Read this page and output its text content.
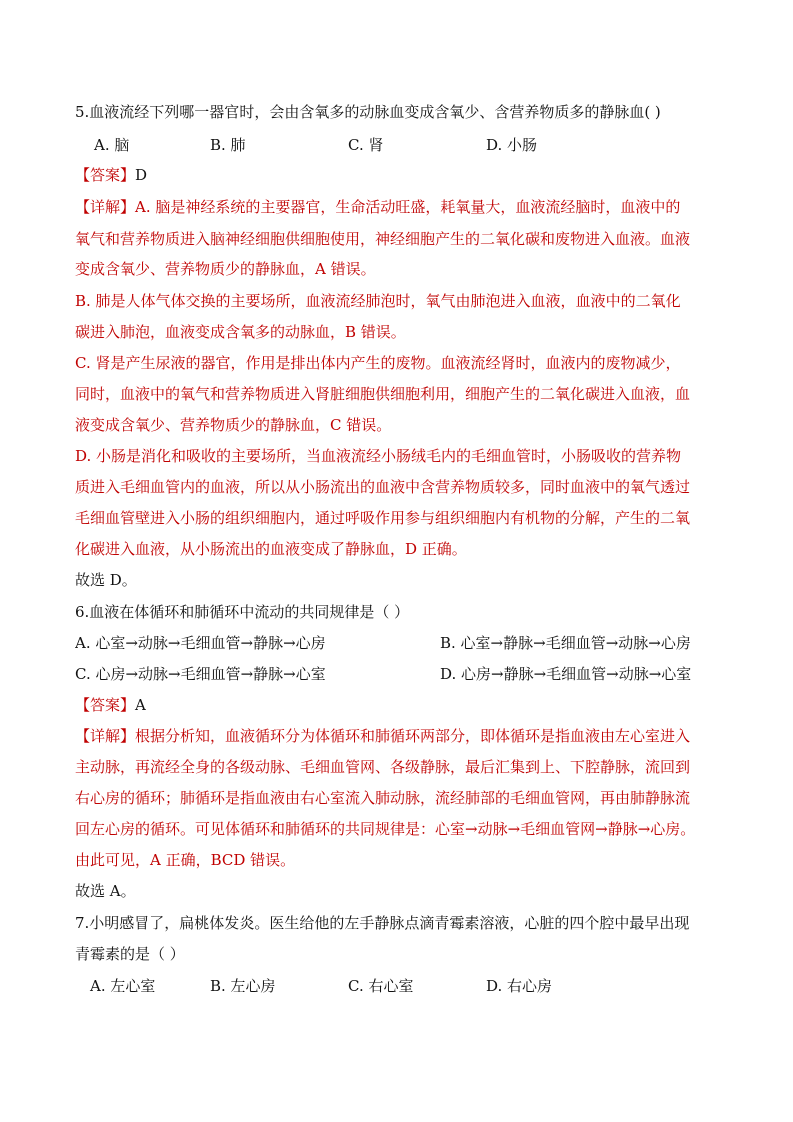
5.血液流经下列哪一器官时，会由含氧多的动脉血变成含氧少、含营养物质多的静脉血( )
A. 脑	B. 肺	C. 肾	D. 小肠
【答案】D
【详解】A. 脑是神经系统的主要器官，生命活动旺盛，耗氧量大，血液流经脑时，血液中的
氧气和营养物质进入脑神经细胞供细胞使用，神经细胞产生的二氧化碳和废物进入血液。血液
变成含氧少、营养物质少的静脉血，A 错误。
B. 肺是人体气体交换的主要场所，血液流经肺泡时，氧气由肺泡进入血液，血液中的二氧化
碳进入肺泡，血液变成含氧多的动脉血，B 错误。
C. 肾是产生尿液的器官，作用是排出体内产生的废物。血液流经肾时，血液内的废物减少，
同时，血液中的氧气和营养物质进入肾脏细胞供细胞利用，细胞产生的二氧化碳进入血液，血
液变成含氧少、营养物质少的静脉血，C 错误。
D. 小肠是消化和吸收的主要场所，当血液流经小肠绒毛内的毛细血管时，小肠吸收的营养物
质进入毛细血管内的血液，所以从小肠流出的血液中含营养物质较多，同时血液中的氧气透过
毛细血管壁进入小肠的组织细胞内，通过呼吸作用参与组织细胞内有机物的分解，产生的二氧
化碳进入血液，从小肠流出的血液变成了静脉血，D 正确。
故选 D。
6.血液在体循环和肺循环中流动的共同规律是（ ）
A. 心室→动脉→毛细血管→静脉→心房	B. 心室→静脉→毛细血管→动脉→心房
C. 心房→动脉→毛细血管→静脉→心室	D. 心房→静脉→毛细血管→动脉→心室
【答案】A
【详解】根据分析知，血液循环分为体循环和肺循环两部分，即体循环是指血液由左心室进入
主动脉，再流经全身的各级动脉、毛细血管网、各级静脉，最后汇集到上、下腔静脉，流回到
右心房的循环；肺循环是指血液由右心室流入肺动脉，流经肺部的毛细血管网，再由肺静脉流
回左心房的循环。可见体循环和肺循环的共同规律是：心室→动脉→毛细血管网→静脉→心房。
由此可见，A 正确，BCD 错误。
故选 A。
7.小明感冒了，扁桃体发炎。医生给他的左手静脉点滴青霉素溶液，心脏的四个腔中最早出现
青霉素的是（ ）
A. 左心室	B. 左心房	C. 右心室	D. 右心房
